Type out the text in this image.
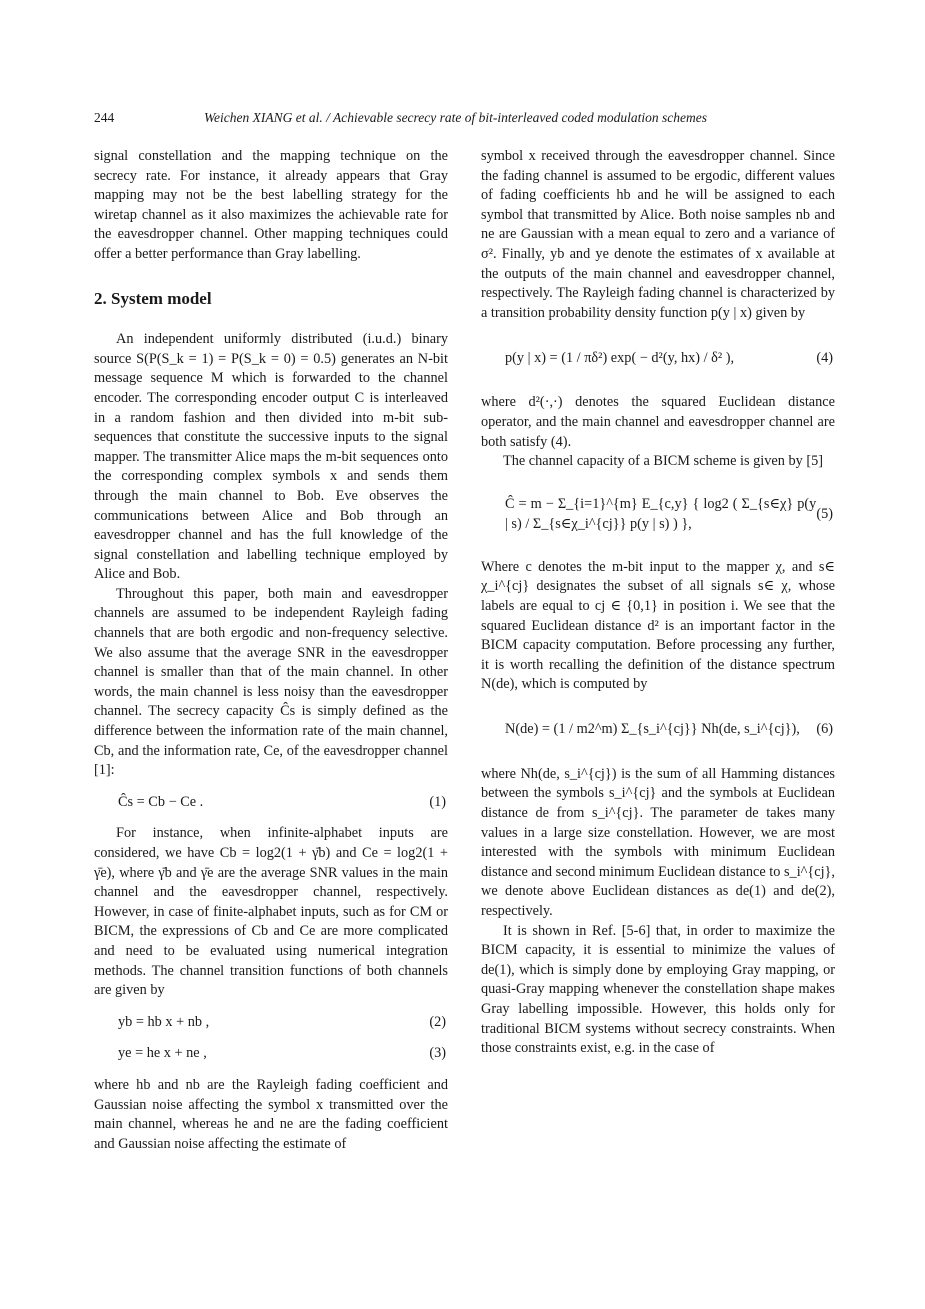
244	Weichen XIANG et al. / Achievable secrecy rate of bit-interleaved coded modulation schemes

signal constellation and the mapping technique on the secrecy rate. For instance, it already appears that Gray mapping may not be the best labelling strategy for the wiretap channel as it also maximizes the achievable rate for the eavesdropper channel. Other mapping techniques could offer a better performance than Gray labelling.

2. System model

An independent uniformly distributed (i.u.d.) binary source S(P(S_k = 1) = P(S_k = 0) = 0.5) generates an N-bit message sequence M which is forwarded to the channel encoder. The corresponding encoder output C is interleaved in a random fashion and then divided into m-bit sub-sequences that constitute the successive inputs to the signal mapper. The transmitter Alice maps the m-bit sequences onto the corresponding complex symbols x and sends them through the main channel to Bob. Eve observes the communications between Alice and Bob through an eavesdropper channel and has the full knowledge of the signal constellation and labelling technique employed by Alice and Bob.

Throughout this paper, both main and eavesdropper channels are assumed to be independent Rayleigh fading channels that are both ergodic and non-frequency selective. We also assume that the average SNR in the eavesdropper channel is smaller than that of the main channel. In other words, the main channel is less noisy than the eavesdropper channel. The secrecy capacity Ĉs is simply defined as the difference between the information rate of the main channel, Cb, and the information rate, Ce, of the eavesdropper channel [1]:

Ĉs = Cb − Ce .	(1)

For instance, when infinite-alphabet inputs are considered, we have Cb = log2(1 + γ̄b) and Ce = log2(1 + γ̄e), where γ̄b and γ̄e are the average SNR values in the main channel and the eavesdropper channel, respectively. However, in case of finite-alphabet inputs, such as for CM or BICM, the expressions of Cb and Ce are more complicated and need to be evaluated using numerical integration methods. The channel transition functions of both channels are given by

yb = hb x + nb ,	(2)
ye = he x + ne ,	(3)

where hb and nb are the Rayleigh fading coefficient and Gaussian noise affecting the symbol x transmitted over the main channel, whereas he and ne are the fading coefficient and Gaussian noise affecting the estimate of

symbol x received through the eavesdropper channel. Since the fading channel is assumed to be ergodic, different values of fading coefficients hb and he will be assigned to each symbol that transmitted by Alice. Both noise samples nb and ne are Gaussian with a mean equal to zero and a variance of σ². Finally, yb and ye denote the estimates of x available at the outputs of the main channel and eavesdropper channel, respectively. The Rayleigh fading channel is characterized by a transition probability density function p(y | x) given by

p(y | x) = (1 / πδ²) exp( − d²(y, hx) / δ² ),	(4)

where d²(·,·) denotes the squared Euclidean distance operator, and the main channel and eavesdropper channel are both satisfy (4).

The channel capacity of a BICM scheme is given by [5]

Ĉ = m − Σ_{i=1}^{m} E_{c,y} { log2 ( Σ_{s∈χ} p(y | s) / Σ_{s∈χ_i^{cj}} p(y | s) ) },
(5)

Where c denotes the m-bit input to the mapper χ, and s∈ χ_i^{cj} designates the subset of all signals s∈ χ, whose labels are equal to cj ∈ {0,1} in position i. We see that the squared Euclidean distance d² is an important factor in the BICM capacity computation. Before processing any further, it is worth recalling the definition of the distance spectrum N(de), which is computed by

N(de) = (1 / m2^m) Σ_{s_i^{cj}} Nh(de, s_i^{cj}), (6)

where Nh(de, s_i^{cj}) is the sum of all Hamming distances between the symbols s_i^{cj} and the symbols at Euclidean distance de from s_i^{cj}. The parameter de takes many values in a large size constellation. However, we are most interested with the symbols with minimum Euclidean distance and second minimum Euclidean distance to s_i^{cj}, we denote above Euclidean distances as de(1) and de(2), respectively.

It is shown in Ref. [5-6] that, in order to maximize the BICM capacity, it is essential to minimize the values of de(1), which is simply done by employing Gray mapping, or quasi-Gray mapping whenever the constellation shape makes Gray labelling impossible. However, this holds only for traditional BICM systems without secrecy constraints. When those constraints exist, e.g. in the case of
